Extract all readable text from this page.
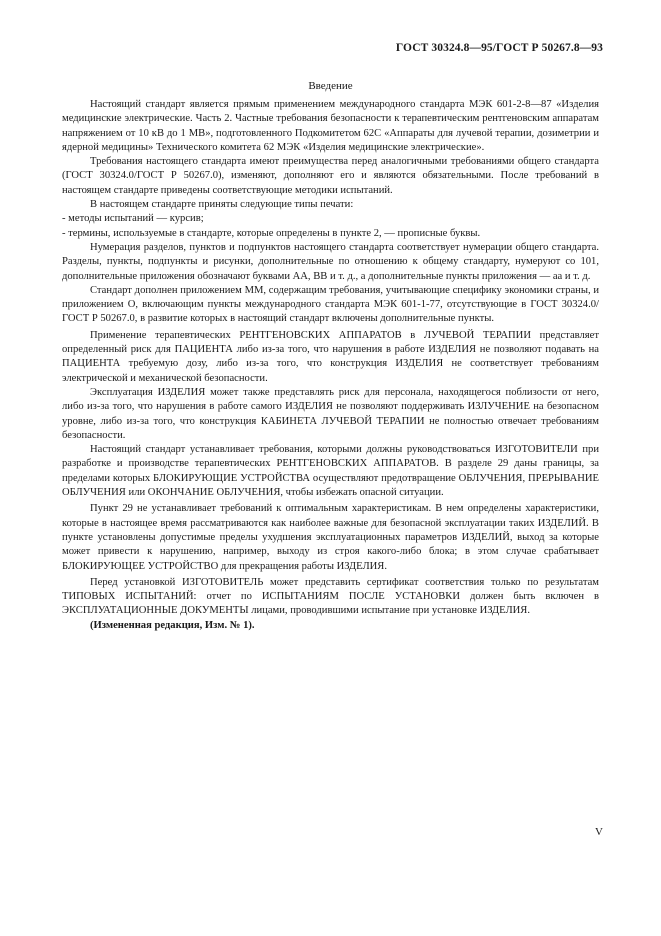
ГОСТ 30324.8—95/ГОСТ Р 50267.8—93
Введение

Настоящий стандарт является прямым применением международного стандарта МЭК 601-2-8—87 «Изделия медицинские электрические. Часть 2. Частные требования безопасности к терапевтическим рентгеновским аппаратам напряжением от 10 кВ до 1 МВ», подготовленного Подкомитетом 62С «Аппараты для лучевой терапии, дозиметрии и ядерной медицины» Технического комитета 62 МЭК «Изделия медицинские электрические».

Требования настоящего стандарта имеют преимущества перед аналогичными требованиями общего стандарта (ГОСТ 30324.0/ГОСТ Р 50267.0), изменяют, дополняют его и являются обязательными. После требований в настоящем стандарте приведены соответствующие методики испытаний.

В настоящем стандарте приняты следующие типы печати:

- методы испытаний — курсив;

- термины, используемые в стандарте, которые определены в пункте 2, — прописные буквы.

Нумерация разделов, пунктов и подпунктов настоящего стандарта соответствует нумерации общего стандарта. Разделы, пункты, подпункты и рисунки, дополнительные по отношению к общему стандарту, нумеруют со 101, дополнительные приложения обозначают буквами АА, ВВ и т. д., а дополнительные пункты приложения — аа и т. д.

Стандарт дополнен приложением ММ, содержащим требования, учитывающие специфику экономики страны, и приложением О, включающим пункты международного стандарта МЭК 601-1-77, отсутствующие в ГОСТ 30324.0/ГОСТ Р 50267.0, в развитие которых в настоящий стандарт включены дополнительные пункты.

Применение терапевтических РЕНТГЕНОВСКИХ АППАРАТОВ в ЛУЧЕВОЙ ТЕРАПИИ представляет определенный риск для ПАЦИЕНТА либо из-за того, что нарушения в работе ИЗДЕЛИЯ не позволяют подавать на ПАЦИЕНТА требуемую дозу, либо из-за того, что конструкция ИЗДЕЛИЯ не соответствует требованиям электрической и механической безопасности.

Эксплуатация ИЗДЕЛИЯ может также представлять риск для персонала, находящегося поблизости от него, либо из-за того, что нарушения в работе самого ИЗДЕЛИЯ не позволяют поддерживать ИЗЛУЧЕНИЕ на безопасном уровне, либо из-за того, что конструкция КАБИНЕТА ЛУЧЕВОЙ ТЕРАПИИ не полностью отвечает требованиям безопасности.

Настоящий стандарт устанавливает требования, которыми должны руководствоваться ИЗГОТОВИТЕЛИ при разработке и производстве терапевтических РЕНТГЕНОВСКИХ АППАРАТОВ. В разделе 29 даны границы, за пределами которых БЛОКИРУЮЩИЕ УСТРОЙСТВА осуществляют предотвращение ОБЛУЧЕНИЯ, ПРЕРЫВАНИЕ ОБЛУЧЕНИЯ или ОКОНЧАНИЕ ОБЛУЧЕНИЯ, чтобы избежать опасной ситуации.

Пункт 29 не устанавливает требований к оптимальным характеристикам. В нем определены характеристики, которые в настоящее время рассматриваются как наиболее важные для безопасной эксплуатации таких ИЗДЕЛИЙ. В пункте установлены допустимые пределы ухудшения эксплуатационных параметров ИЗДЕЛИЙ, выход за которые может привести к нарушению, например, выходу из строя какого-либо блока; в этом случае срабатывает БЛОКИРУЮЩЕЕ УСТРОЙСТВО для прекращения работы ИЗДЕЛИЯ.

Перед установкой ИЗГОТОВИТЕЛЬ может представить сертификат соответствия только по результатам ТИПОВЫХ ИСПЫТАНИЙ: отчет по ИСПЫТАНИЯМ ПОСЛЕ УСТАНОВКИ должен быть включен в ЭКСПЛУАТАЦИОННЫЕ ДОКУМЕНТЫ лицами, проводившими испытание при установке ИЗДЕЛИЯ.

(Измененная редакция, Изм. № 1).

V
